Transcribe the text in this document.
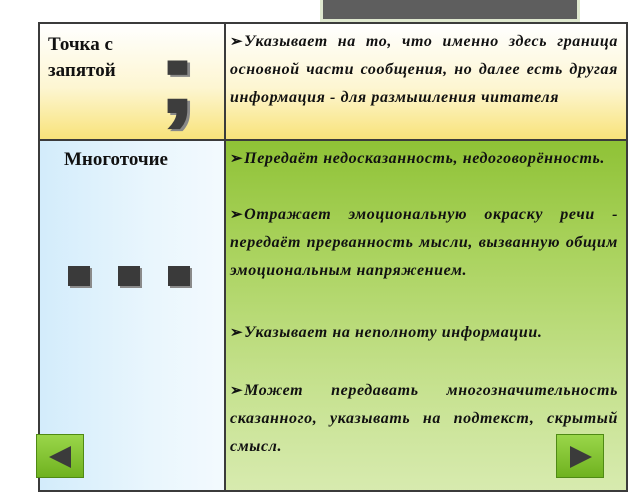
Точка с запятой ; ➢Указывает на то, что именно здесь граница основной части сообщения, но далее есть другая информация - для размышления читателя
Многоточие	➢Передаёт недосказанность, недоговорённость.
➢Отражает эмоциональную окраску речи - передаёт прерванность мысли, вызванную общим эмоциональным напряжением.
➢Указывает на неполноту информации.
➢Может передавать многозначительность сказанного, указывать на подтекст, скрытый смысл.
